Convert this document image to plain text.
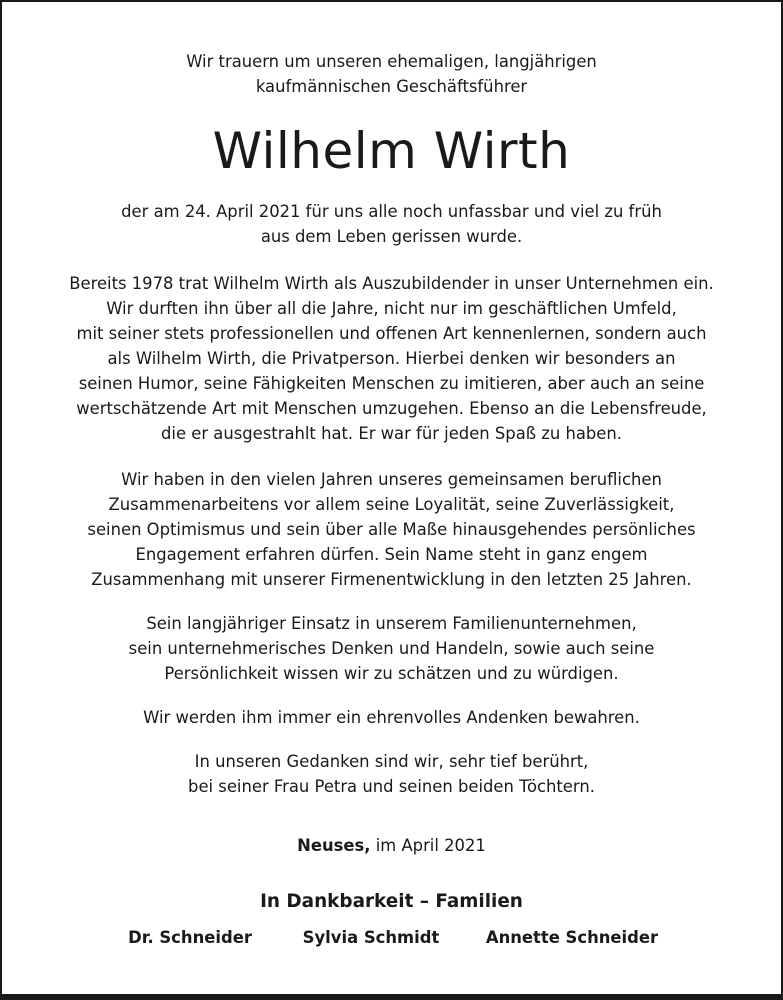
Wir trauern um unseren ehemaligen, langjährigen
kaufmännischen Geschäftsführer
Wilhelm Wirth
der am 24. April 2021 für uns alle noch unfassbar und viel zu früh
aus dem Leben gerissen wurde.
Bereits 1978 trat Wilhelm Wirth als Auszubildender in unser Unternehmen ein.
Wir durften ihn über all die Jahre, nicht nur im geschäftlichen Umfeld,
mit seiner stets professionellen und offenen Art kennenlernen, sondern auch
als Wilhelm Wirth, die Privatperson. Hierbei denken wir besonders an
seinen Humor, seine Fähigkeiten Menschen zu imitieren, aber auch an seine
wertschätzende Art mit Menschen umzugehen. Ebenso an die Lebensfreude,
die er ausgestrahlt hat. Er war für jeden Spaß zu haben.
Wir haben in den vielen Jahren unseres gemeinsamen beruflichen
Zusammenarbeitens vor allem seine Loyalität, seine Zuverlässigkeit,
seinen Optimismus und sein über alle Maße hinausgehendes persönliches
Engagement erfahren dürfen. Sein Name steht in ganz engem
Zusammenhang mit unserer Firmenentwicklung in den letzten 25 Jahren.
Sein langjähriger Einsatz in unserem Familienunternehmen,
sein unternehmerisches Denken und Handeln, sowie auch seine
Persönlichkeit wissen wir zu schätzen und zu würdigen.
Wir werden ihm immer ein ehrenvolles Andenken bewahren.
In unseren Gedanken sind wir, sehr tief berührt,
bei seiner Frau Petra und seinen beiden Töchtern.
Neuses, im April 2021
In Dankbarkeit – Familien
Dr. Schneider	Sylvia Schmidt	Annette Schneider
